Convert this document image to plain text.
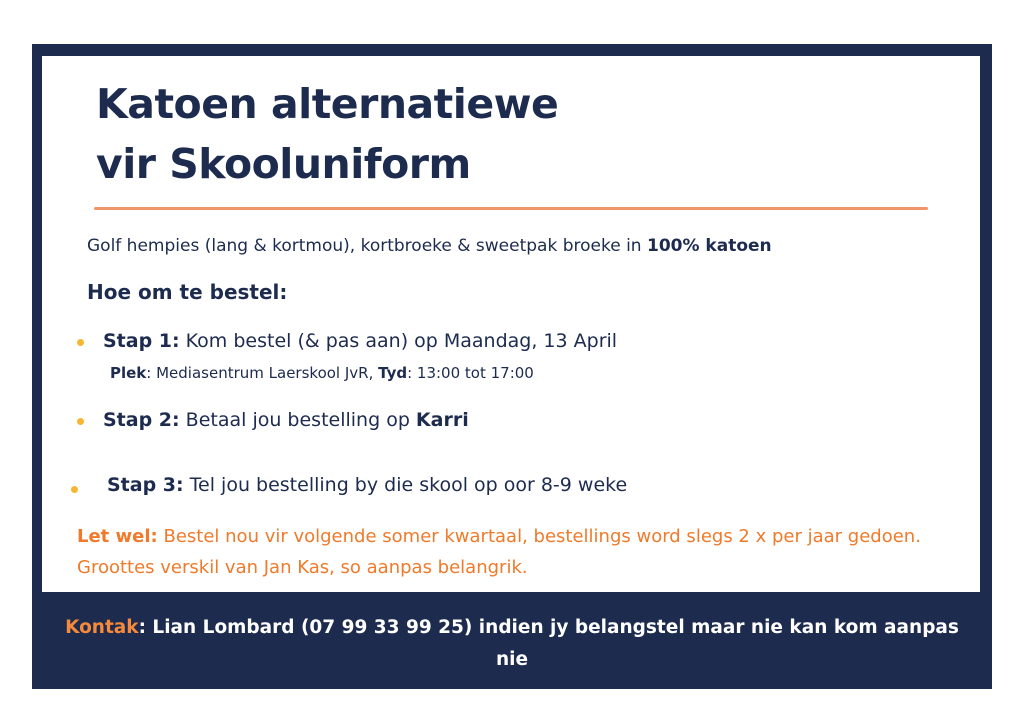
Katoen alternatiewe
vir Skooluniform
Golf hempies (lang & kortmou), kortbroeke & sweetpak broeke in 100% katoen
Hoe om te bestel:
Stap 1: Kom bestel (& pas aan) op Maandag, 13 April
Plek: Mediasentrum Laerskool JvR, Tyd: 13:00 tot 17:00
Stap 2: Betaal jou bestelling op Karri
Stap 3: Tel jou bestelling by die skool op oor 8-9 weke
Let wel: Bestel nou vir volgende somer kwartaal, bestellings word slegs 2 x per jaar gedoen. Groottes verskil van Jan Kas, so aanpas belangrik.
Kontak: Lian Lombard (07 99 33 99 25) indien jy belangstel maar nie kan kom aanpas nie
